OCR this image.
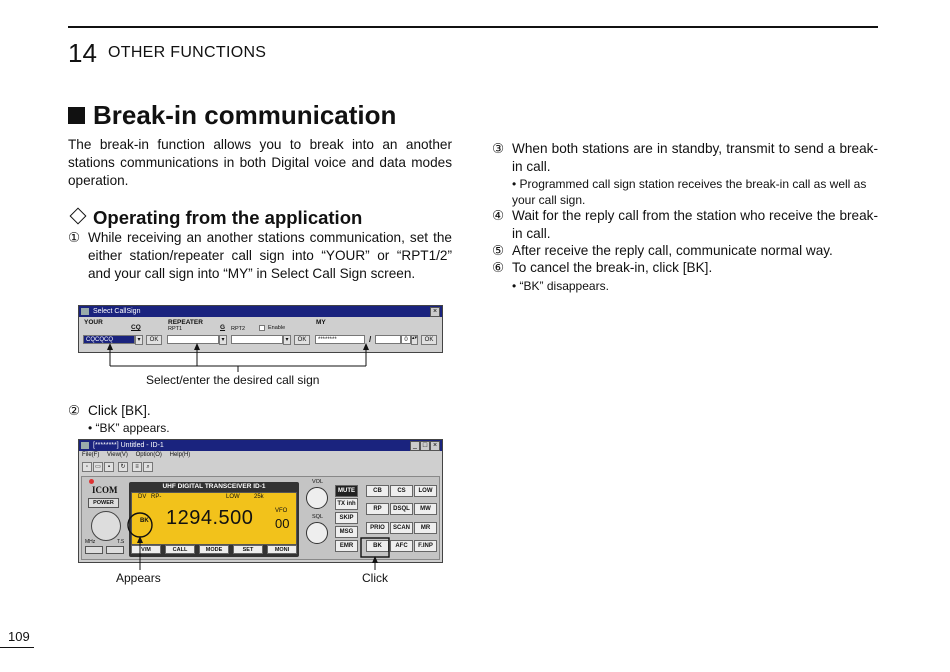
14 OTHER FUNCTIONS
Break-in communication
The break-in function allows you to break into an another stations communications in both Digital voice and data modes operation.
Operating from the application
① While receiving an another stations communication, set the either station/repeater call sign into “YOUR” or “RPT1/2” and your call sign into “MY” in Select Call Sign screen.
Select CallSign	×
YOUR
CQ
CQCQCQ	▾	OK
REPEATER
G
RPT1
▾
RPT2	Enable
▾	OK
MY
********	/	0 ▴▾	OK
Select/enter the desired call sign
② Click [BK].
• “BK” appears.
[********] Untitled - ID-1	_ □ ×
File(F) View(V) Option(O) Help(H)
▫	▭	▪	↻	≡	⌕
ICOM
POWER
MHz	T.S
UHF DIGITAL TRANSCEIVER ID-1
DV RP-	LOW 25k
VFO
00
1294.500
BK
V/M	CALL	MODE	SET	MONI
VOL
SQL
MUTE
TX inh
SKIP
MSG
EMR
CB	CS	LOW
RP	DSQL	MW
PRIO	SCAN	MR
BK	AFC	F.INP
Appears	Click
③ When both stations are in standby, transmit to send a break-in call.
• Programmed call sign station receives the break-in call as well as your call sign.
④ Wait for the reply call from the station who receive the break-in call.
⑤ After receive the reply call, communicate normal way.
⑥ To cancel the break-in, click [BK].
• “BK” disappears.
109
